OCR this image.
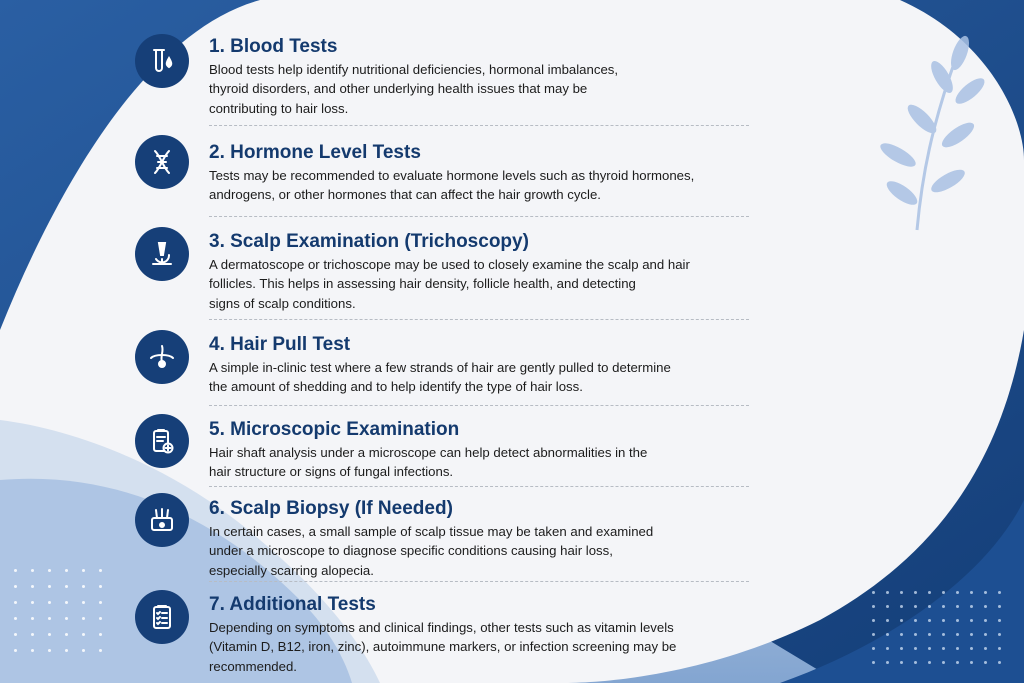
1. Blood Tests
Blood tests help identify nutritional deficiencies, hormonal imbalances,
thyroid disorders, and other underlying health issues that may be
contributing to hair loss.
2. Hormone Level Tests
Tests may be recommended to evaluate hormone levels such as thyroid hormones,
androgens, or other hormones that can affect the hair growth cycle.
3. Scalp Examination (Trichoscopy)
A dermatoscope or trichoscope may be used to closely examine the scalp and hair
follicles. This helps in assessing hair density, follicle health, and detecting
signs of scalp conditions.
4. Hair Pull Test
A simple in-clinic test where a few strands of hair are gently pulled to determine
the amount of shedding and to help identify the type of hair loss.
5. Microscopic Examination
Hair shaft analysis under a microscope can help detect abnormalities in the
hair structure or signs of fungal infections.
6. Scalp Biopsy (If Needed)
In certain cases, a small sample of scalp tissue may be taken and examined
under a microscope to diagnose specific conditions causing hair loss,
especially scarring alopecia.
7. Additional Tests
Depending on symptoms and clinical findings, other tests such as vitamin levels
(Vitamin D, B12, iron, zinc), autoimmune markers, or infection screening may be
recommended.
